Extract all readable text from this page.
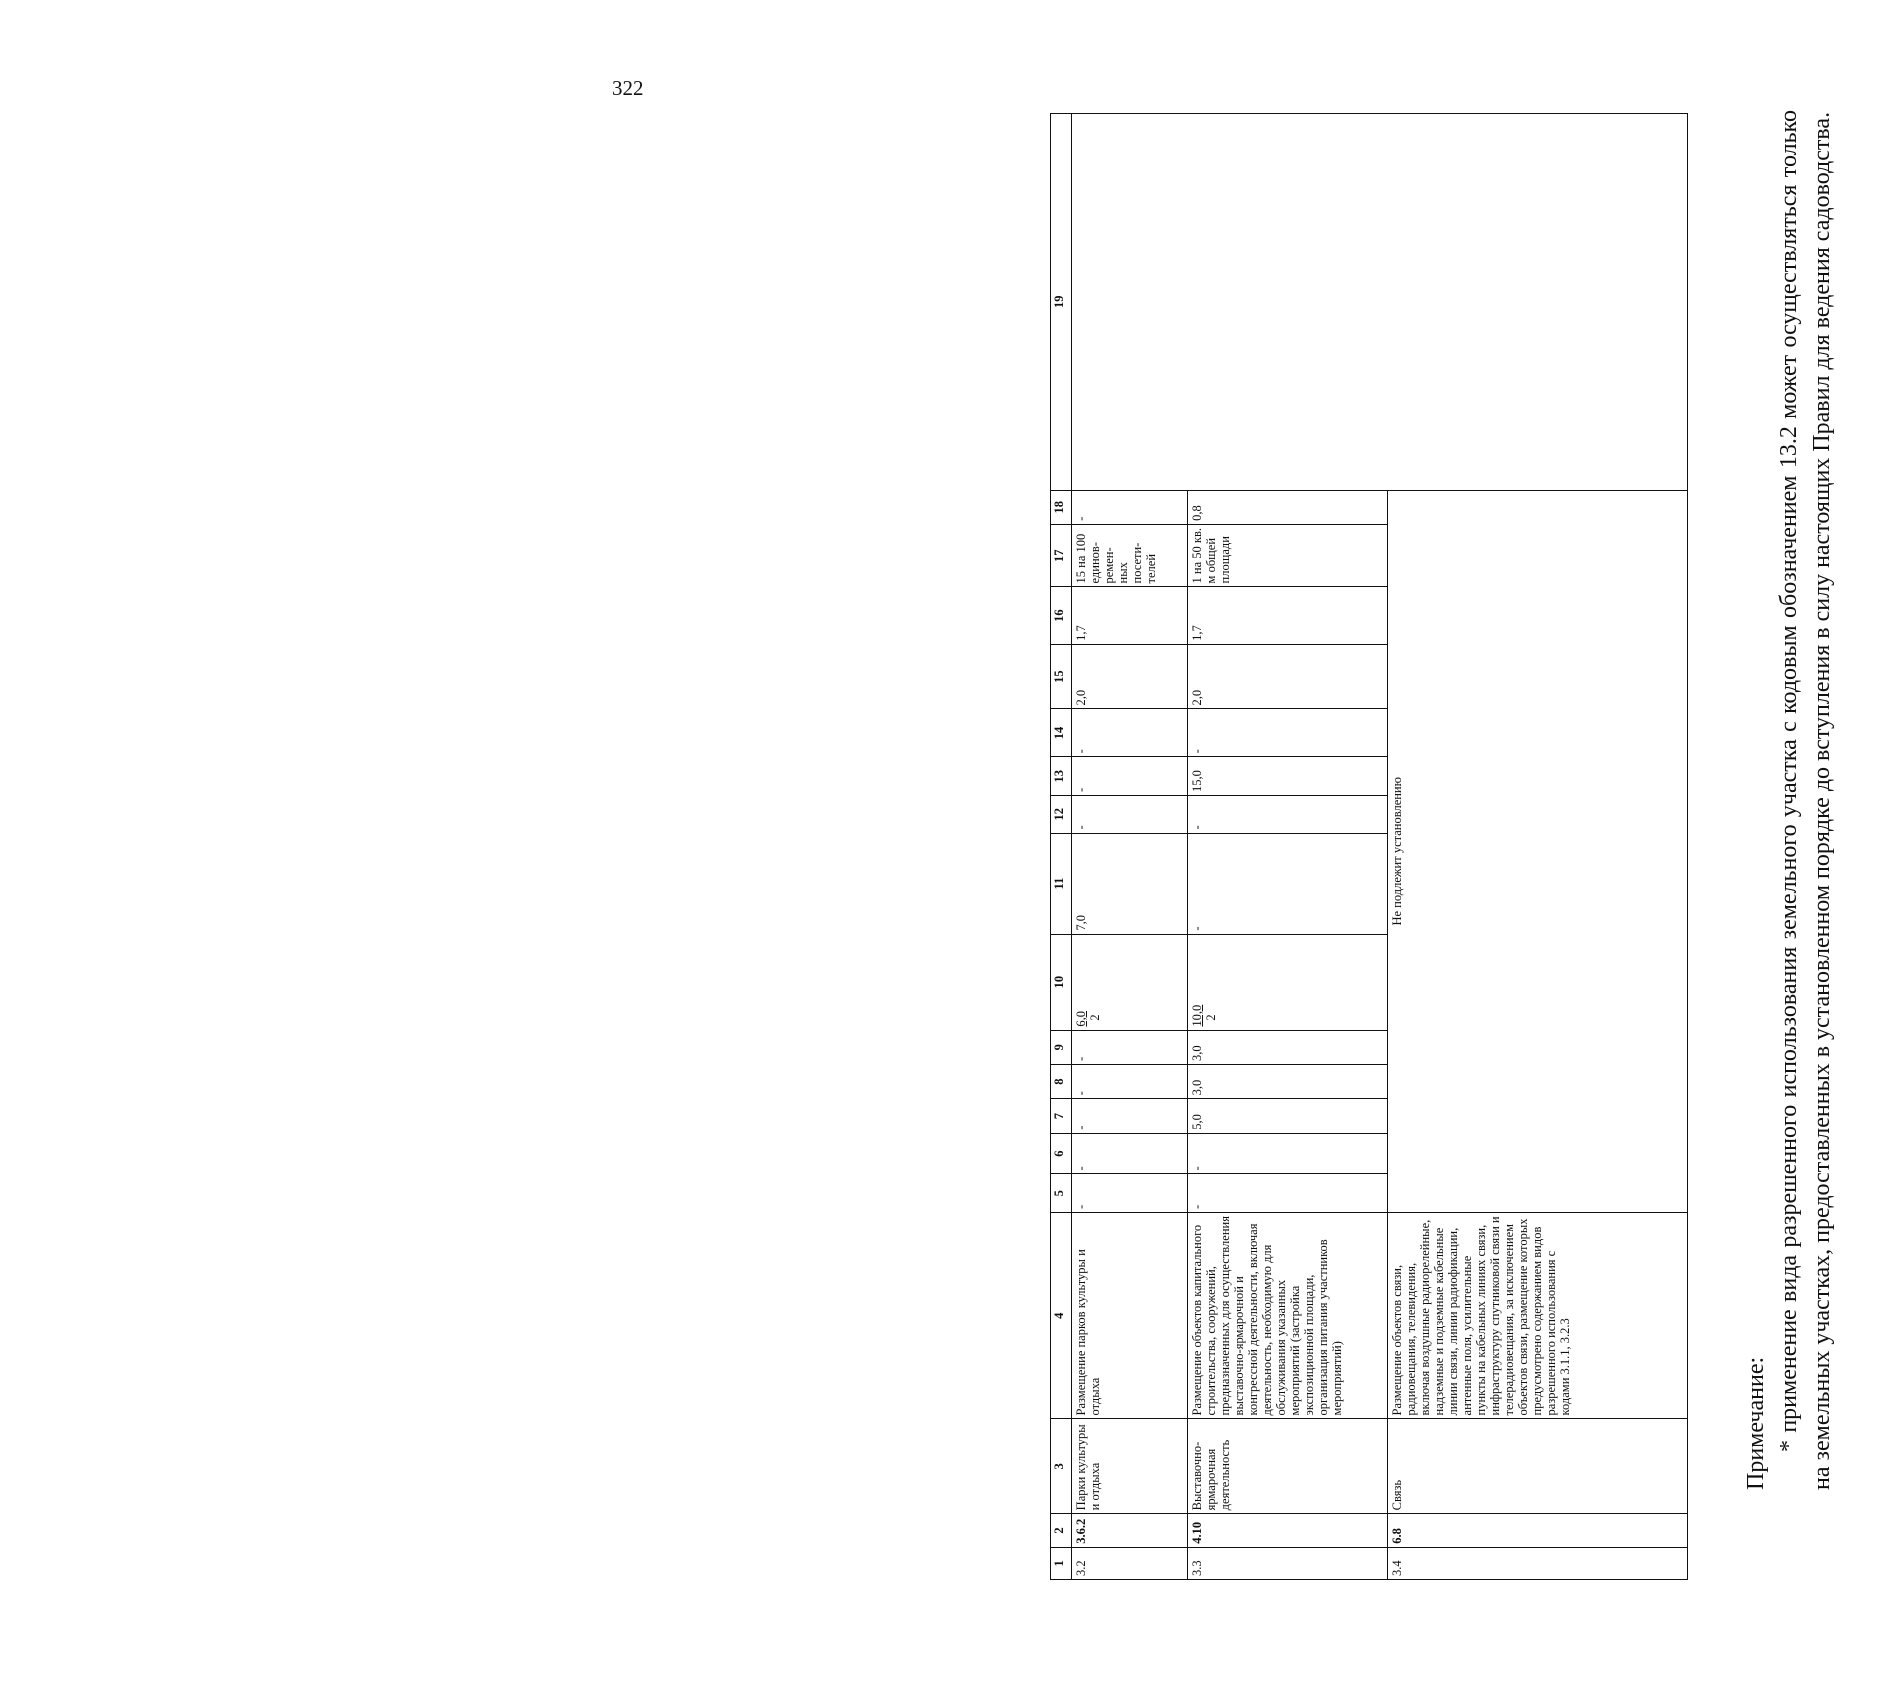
322
1	2	3	4	5	6	7	8	9	10	11	12	13	14	15	16	17	18	19
3.2	3.6.2	Парки культуры и отдыха	Размещение парков культуры и отдыха	-	-	-	-	-	6,0 2	7,0	-	-	-	2,0	1,7	15 на 100 единов-ремен-ных посети-телей	-	
3.3	4.10	Выставочно-ярмарочная деятельность	Размещение объектов капитального строительства, сооружений, предназначенных для осуществления выставочно-ярмарочной и конгрессной деятельности, включая деятельность, необходимую для обслуживания указанных мероприятий (застройка экспозиционной площади, организация питания участников мероприятий)	-	-	5,0	3,0	3,0	10,0 2	-	-	15,0	-	2,0	1,7	1 на 50 кв. м общей площади	0,8	
3.4	6.8	Связь	Размещение объектов связи, радиовещания, телевидения, включая воздушные радиорелейные, надземные и подземные кабельные линии связи, линии радиофикации, антенные поля, усилительные пункты на кабельных линиях связи, инфраструктуру спутниковой связи и телерадиовещания, за исключением объектов связи, размещение которых предусмотрено содержанием видов разрешенного использования с кодами 3.1.1, 3.2.3	Не подлежит установлению														
Примечание: * применение вида разрешенного использования земельного участка с кодовым обозначением 13.2 может осуществляться только на земельных участках, предоставленных в установленном порядке до вступления в силу настоящих Правил для ведения садоводства.
